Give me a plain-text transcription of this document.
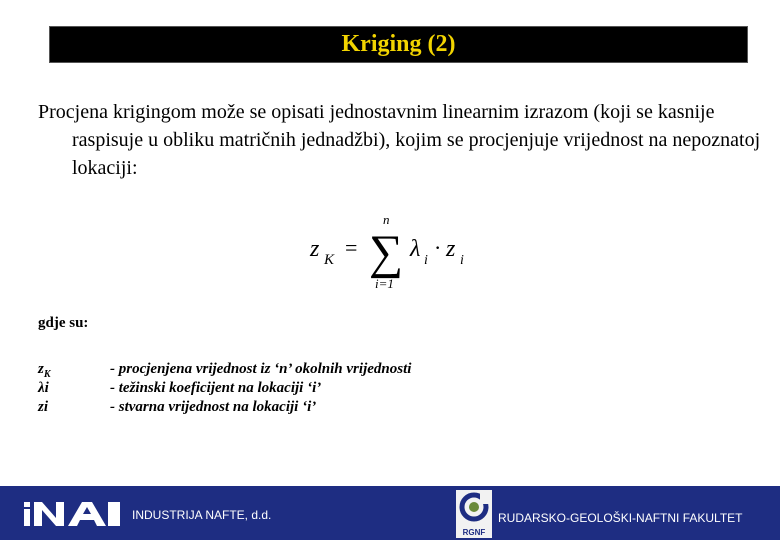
Kriging (2)
Procjena krigingom može se opisati jednostavnim linearnim izrazom (koji se kasnije raspisuje u obliku matričnih jednadžbi), kojim se procjenjuje vrijednost na nepoznatoj lokaciji:
z K =
n
∑
i=1
λ i
· z i
gdje su:
$z_K$	- procjenjena vrijednost iz ‘n’ okolnih vrijednosti
λi	- težinski koeficijent na lokaciji ‘i’
zi	- stvarna vrijednost na lokaciji ‘i’
INA
INDUSTRIJA NAFTE, d.d.
RGNF
RUDARSKO-GEOLOŠKI-NAFTNI FAKULTET
